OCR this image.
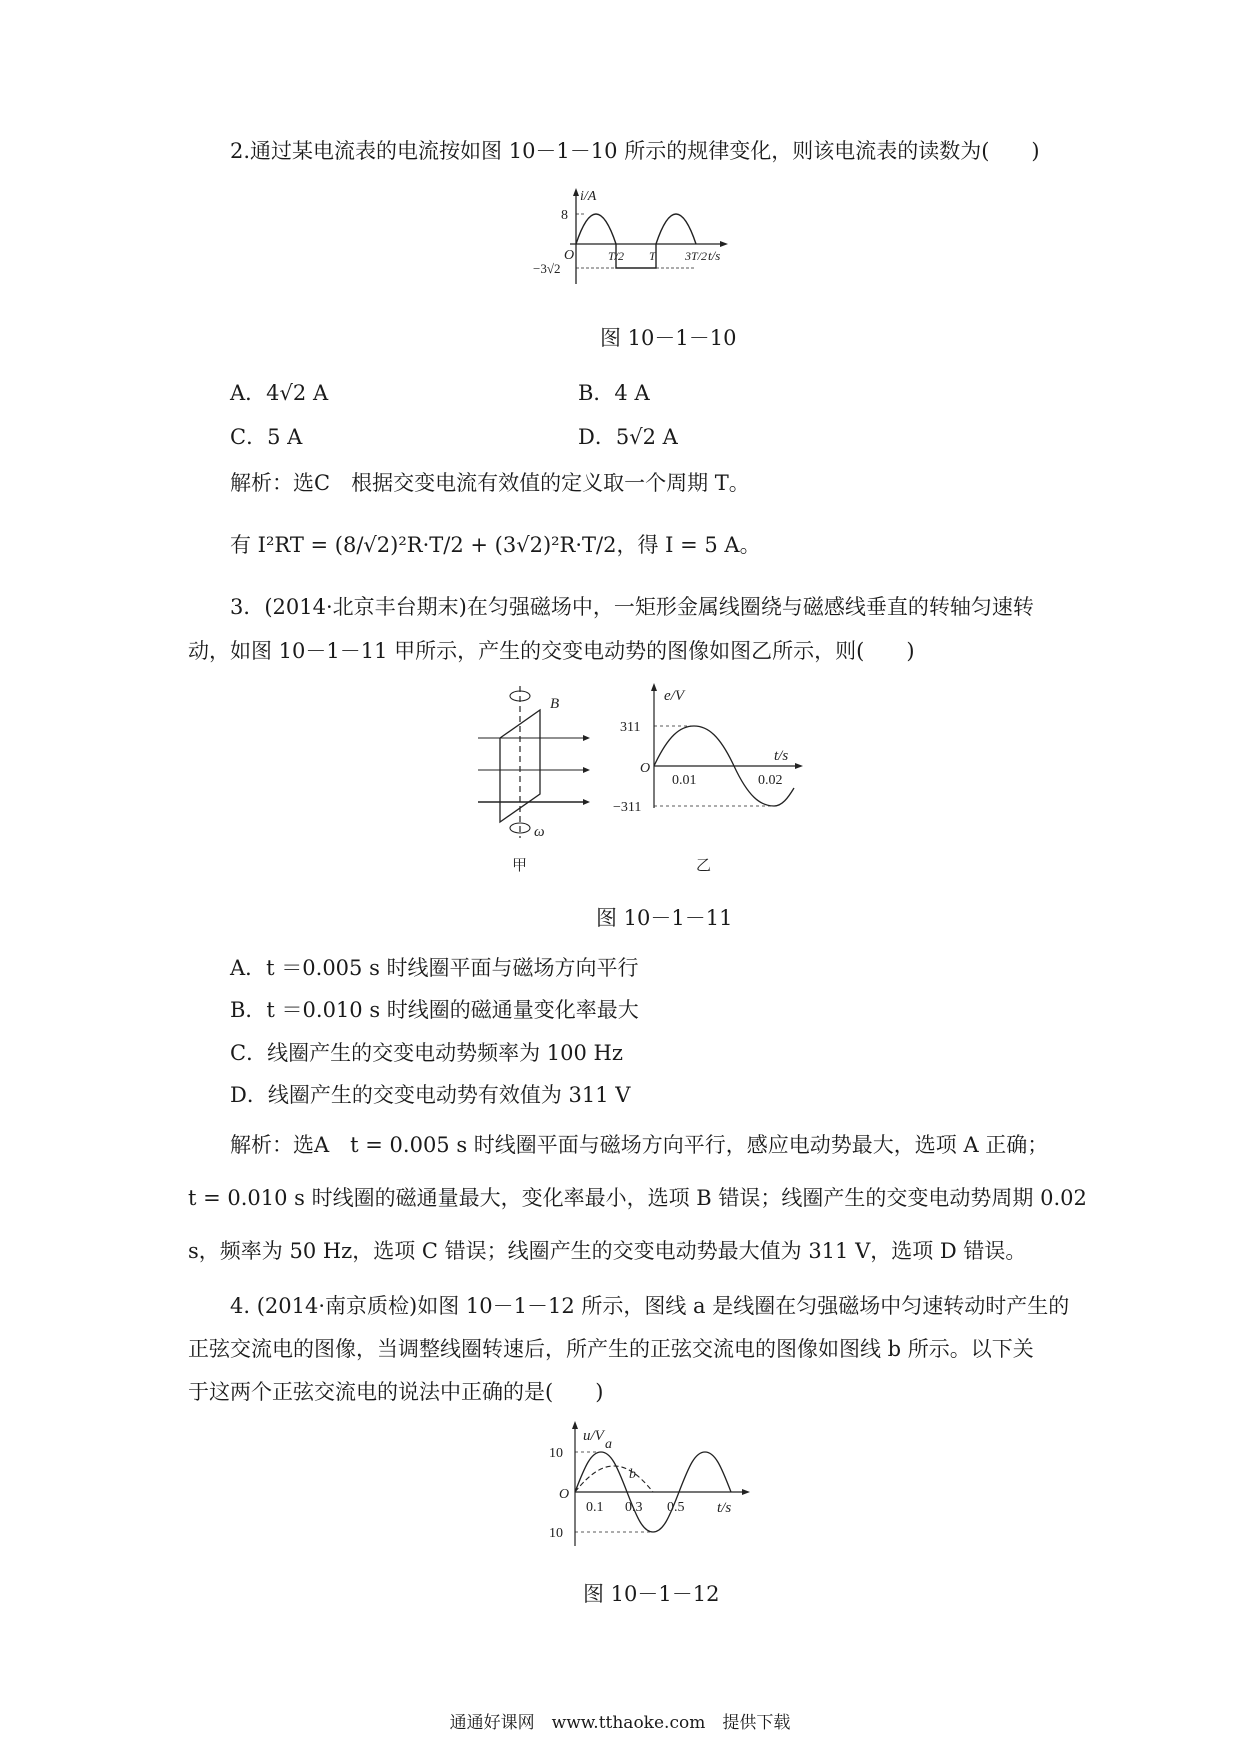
2.通过某电流表的电流按如图 10－1－10 所示的规律变化，则该电流表的读数为(　　)
i/A
8
−3√2
O	T/2 T 3T/2 t/s
图 10－1－10
A．4√2 A	B．4 A
C．5 A	D．5√2 A
解析：选C　根据交变电流有效值的定义取一个周期 T。
有 I²RT = (8/√2)²R·T/2 + (3√2)²R·T/2，得 I = 5 A。
3．(2014·北京丰台期末)在匀强磁场中，一矩形金属线圈绕与磁感线垂直的转轴匀速转
动，如图 10－1－11 甲所示，产生的交变电动势的图像如图乙所示，则(　　)
B
ω
甲
e/V
311
−311
O
0.01	0.02
t/s
乙
图 10－1－11
A．t ＝0.005 s 时线圈平面与磁场方向平行
B．t ＝0.010 s 时线圈的磁通量变化率最大
C．线圈产生的交变电动势频率为 100 Hz
D．线圈产生的交变电动势有效值为 311 V
解析：选A　t = 0.005 s 时线圈平面与磁场方向平行，感应电动势最大，选项 A 正确；
t = 0.010 s 时线圈的磁通量最大，变化率最小，选项 B 错误；线圈产生的交变电动势周期 0.02
s，频率为 50 Hz，选项 C 错误；线圈产生的交变电动势最大值为 311 V，选项 D 错误。
4. (2014·南京质检)如图 10－1－12 所示，图线 a 是线圈在匀强磁场中匀速转动时产生的
正弦交流电的图像，当调整线圈转速后，所产生的正弦交流电的图像如图线 b 所示。以下关
于这两个正弦交流电的说法中正确的是(　　)
u/V
10
10
O
a
b
0.1 0.3 0.5 t/s
图 10－1－12
通通好课网　www.tthaoke.com　提供下载
